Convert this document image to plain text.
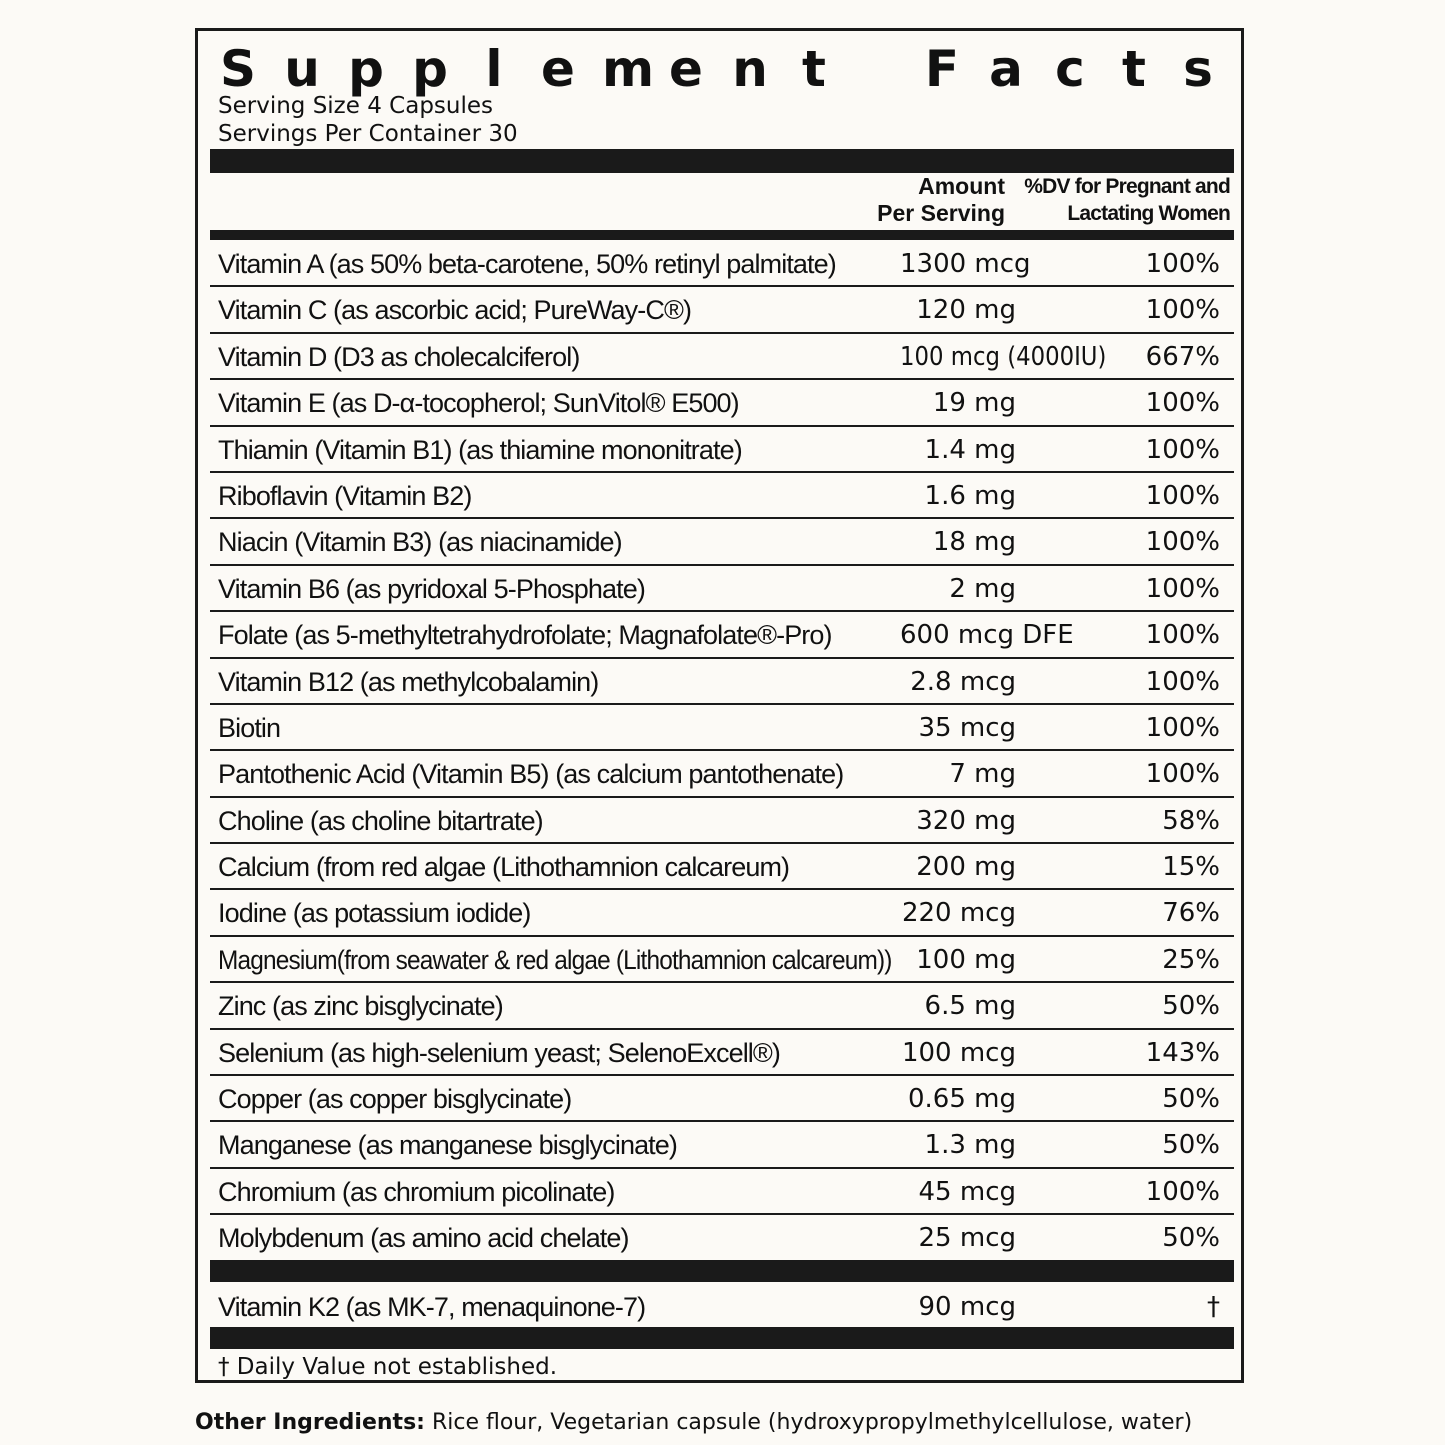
S u p p l e m e n t
F a c t s
Serving Size 4 Capsules
Servings Per Container 30
Amount
Per Serving
%DV for Pregnant and
Lactating Women
Vitamin A (as 50% beta-carotene, 50% retinyl palmitate) 1300 mcg	100%
Vitamin C (as ascorbic acid; PureWay-C®)	120 mg	100%
Vitamin D (D3 as cholecalciferol)	100 mcg (4000IU)	667%
Vitamin E (as D-α-tocopherol; SunVitol® E500)	19 mg	100%
Thiamin (Vitamin B1) (as thiamine mononitrate)	1.4 mg	100%
Riboflavin (Vitamin B2)	1.6 mg	100%
Niacin (Vitamin B3) (as niacinamide)	18 mg	100%
Vitamin B6 (as pyridoxal 5-Phosphate)	2 mg	100%
Folate (as 5-methyltetrahydrofolate; Magnafolate®-Pro)	600 mcg DFE	100%
Vitamin B12 (as methylcobalamin)	2.8 mcg	100%
Biotin	35 mcg	100%
Pantothenic Acid (Vitamin B5) (as calcium pantothenate)	7 mg	100%
Choline (as choline bitartrate)	320 mg	58%
Calcium (from red algae (Lithothamnion calcareum)	200 mg	15%
Iodine (as potassium iodide)	220 mcg	76%
Magnesium(from seawater & red algae (Lithothamnion calcareum)) 100 mg	25%
Zinc (as zinc bisglycinate)	6.5 mg	50%
Selenium (as high-selenium yeast; SelenoExcell®)	100 mcg	143%
Copper (as copper bisglycinate)	0.65 mg	50%
Manganese (as manganese bisglycinate)	1.3 mg	50%
Chromium (as chromium picolinate)	45 mcg	100%
Molybdenum (as amino acid chelate)	25 mcg	50%
Vitamin K2 (as MK-7, menaquinone-7)	90 mcg	†
† Daily Value not established.
Other Ingredients: Rice flour, Vegetarian capsule (hydroxypropylmethylcellulose, water)
